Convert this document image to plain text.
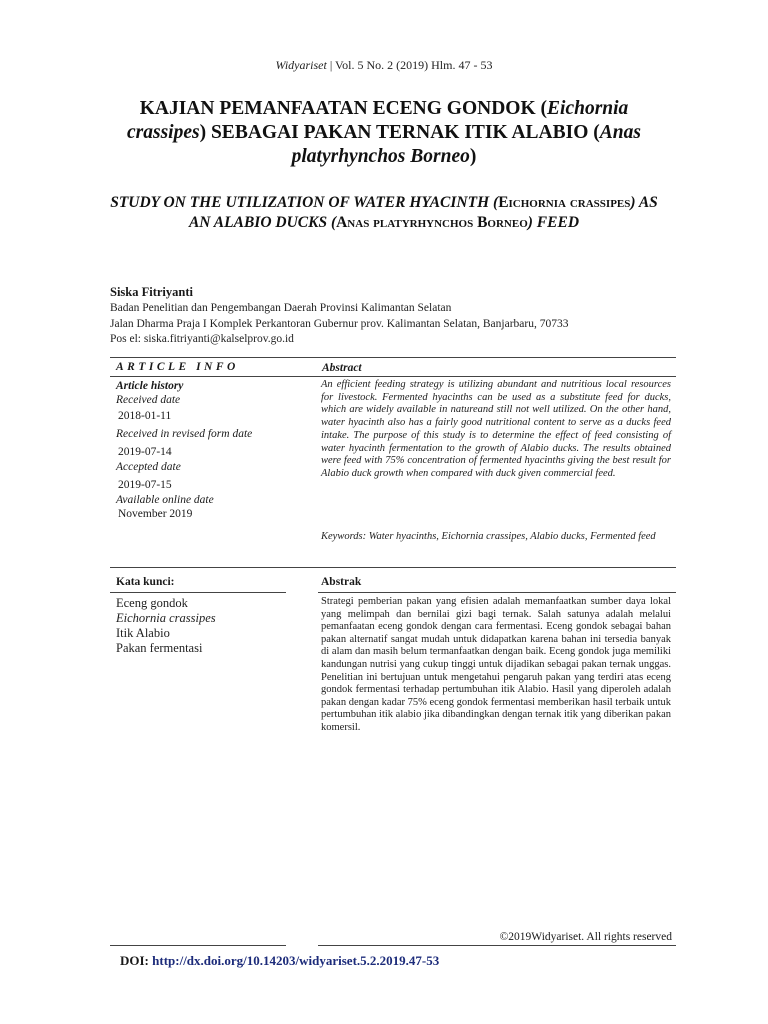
Widyariset | Vol. 5 No. 2 (2019) Hlm. 47 - 53
KAJIAN PEMANFAATAN ECENG GONDOK (Eichornia crassipes) SEBAGAI PAKAN TERNAK ITIK ALABIO (Anas platyrhynchos Borneo)
STUDY ON THE UTILIZATION OF WATER HYACINTH (Eichornia crassipes) AS AN ALABIO DUCKS (Anas platyrhynchos Borneo) FEED
Siska Fitriyanti
Badan Penelitian dan Pengembangan Daerah Provinsi Kalimantan Selatan
Jalan Dharma Praja I Komplek Perkantoran Gubernur prov. Kalimantan Selatan, Banjarbaru, 70733
Pos el: siska.fitriyanti@kalselprov.go.id
ARTICLE INFO	Abstract
Article history
Received date
2018-01-11
Received in revised form date
2019-07-14
Accepted date
2019-07-15
Available online date
November 2019
An efficient feeding strategy is utilizing abundant and nutritious local resources for livestock. Fermented hyacinths can be used as a substitute feed for ducks, which are widely available in natureand still not well utilized. On the other hand, water hyacinth also has a fairly good nutritional content to serve as a ducks feed intake. The purpose of this study is to determine the effect of feed consisting of water hyacinth fermentation to the growth of Alabio ducks. The results obtained were feed with 75% concentration of fermented hyacinths giving the best result for Alabio duck growth when compared with duck given commercial feed.
Keywords: Water hyacinths, Eichornia crassipes, Alabio ducks, Fermented feed
Kata kunci:	Abstrak
Eceng gondok
Eichornia crassipes
Itik Alabio
Pakan fermentasi
Strategi pemberian pakan yang efisien adalah memanfaatkan sumber daya lokal yang melimpah dan bernilai gizi bagi ternak. Salah satunya adalah melalui pemanfaatan eceng gondok dengan cara fermentasi. Eceng gondok sebagai bahan pakan alternatif sangat mudah untuk didapatkan karena bahan ini tersedia banyak di alam dan masih belum termanfaatkan dengan baik. Eceng gondok juga memiliki kandungan nutrisi yang cukup tinggi untuk dijadikan sebagai pakan ternak unggas. Penelitian ini bertujuan untuk mengetahui pengaruh pakan yang terdiri atas eceng gondok fermentasi terhadap pertumbuhan itik Alabio. Hasil yang diperoleh adalah pakan dengan kadar 75% eceng gondok fermentasi memberikan hasil terbaik untuk pertumbuhan itik alabio jika dibandingkan dengan ternak itik yang diberikan pakan komersil.
©2019Widyariset. All rights reserved
DOI: http://dx.doi.org/10.14203/widyariset.5.2.2019.47-53
